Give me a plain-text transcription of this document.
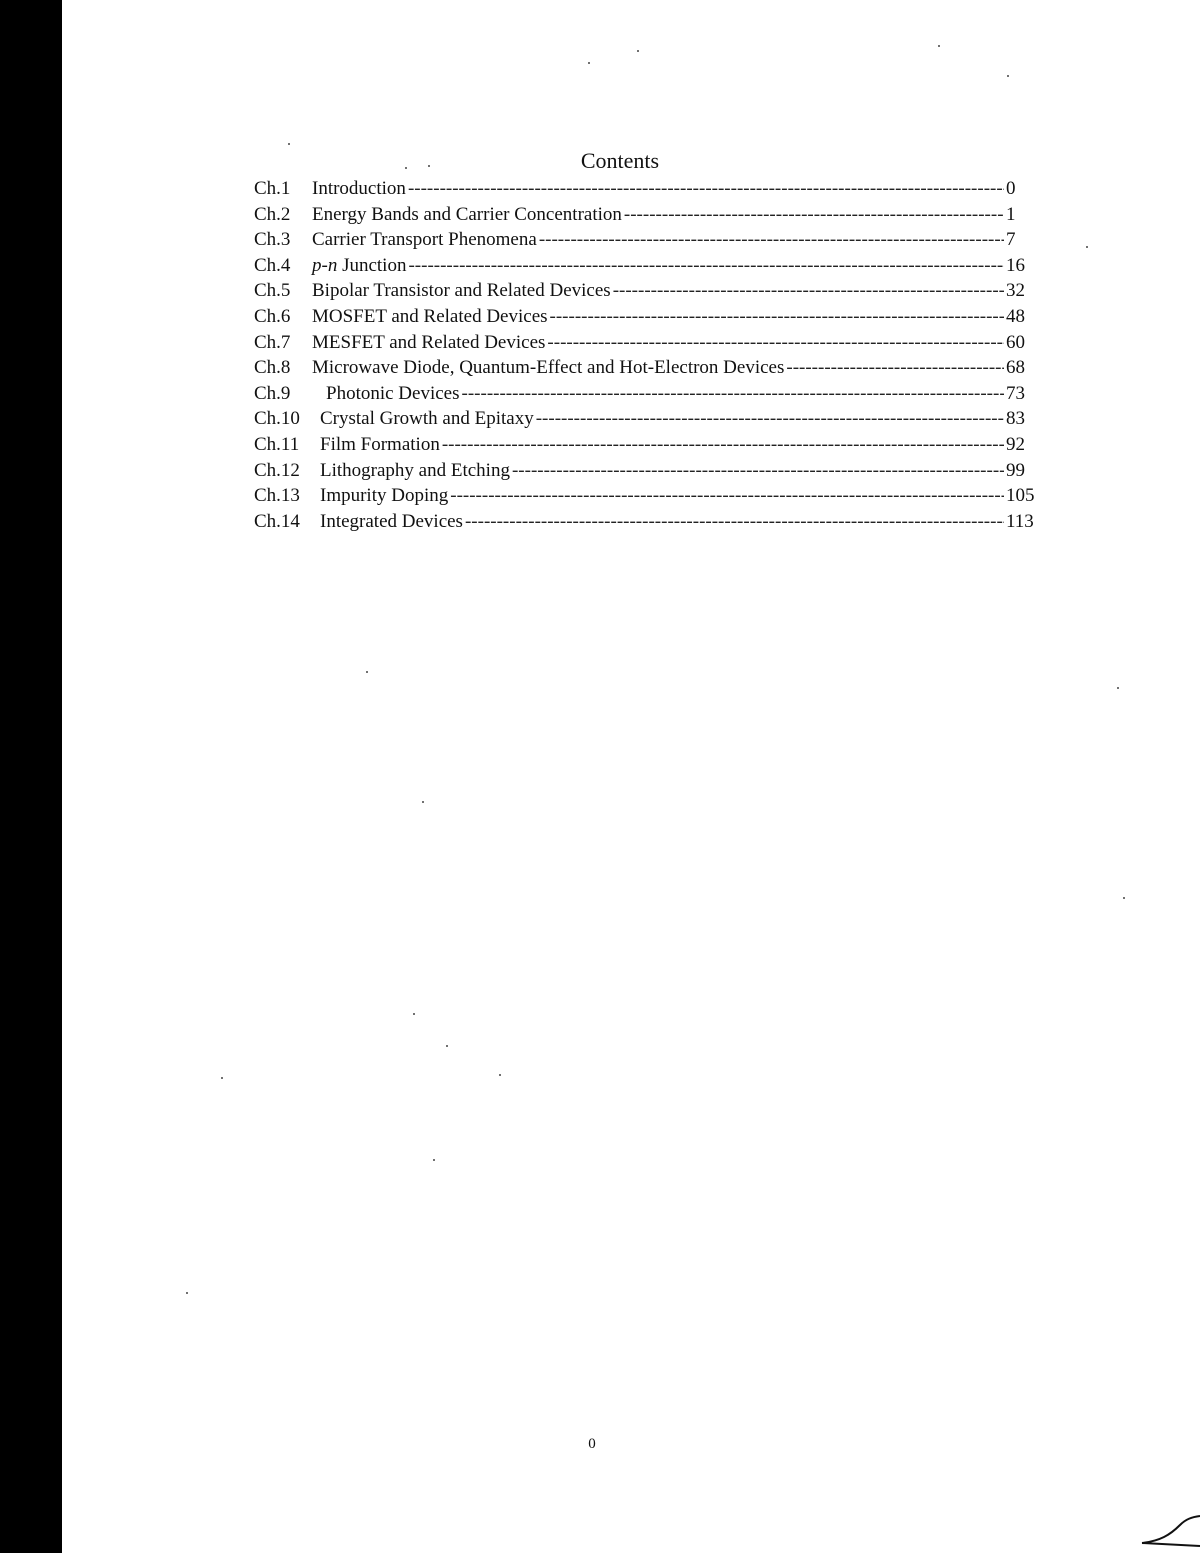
Contents
Ch.1	Introduction -----	0
Ch.2	Energy Bands and Carrier Concentration -----	1
Ch.3	Carrier Transport Phenomena -----	7
Ch.4	p-n Junction -----	16
Ch.5	Bipolar Transistor and Related Devices -----	32
Ch.6	MOSFET and Related Devices -----	48
Ch.7	MESFET and Related Devices -----	60
Ch.8	Microwave Diode, Quantum-Effect and Hot-Electron Devices -----	68
Ch.9	Photonic Devices -----	73
Ch.10	Crystal Growth and Epitaxy -----	83
Ch.11	Film Formation -----	92
Ch.12	Lithography and Etching -----	99
Ch.13	Impurity Doping -----	105
Ch.14	Integrated Devices -----	113
0
